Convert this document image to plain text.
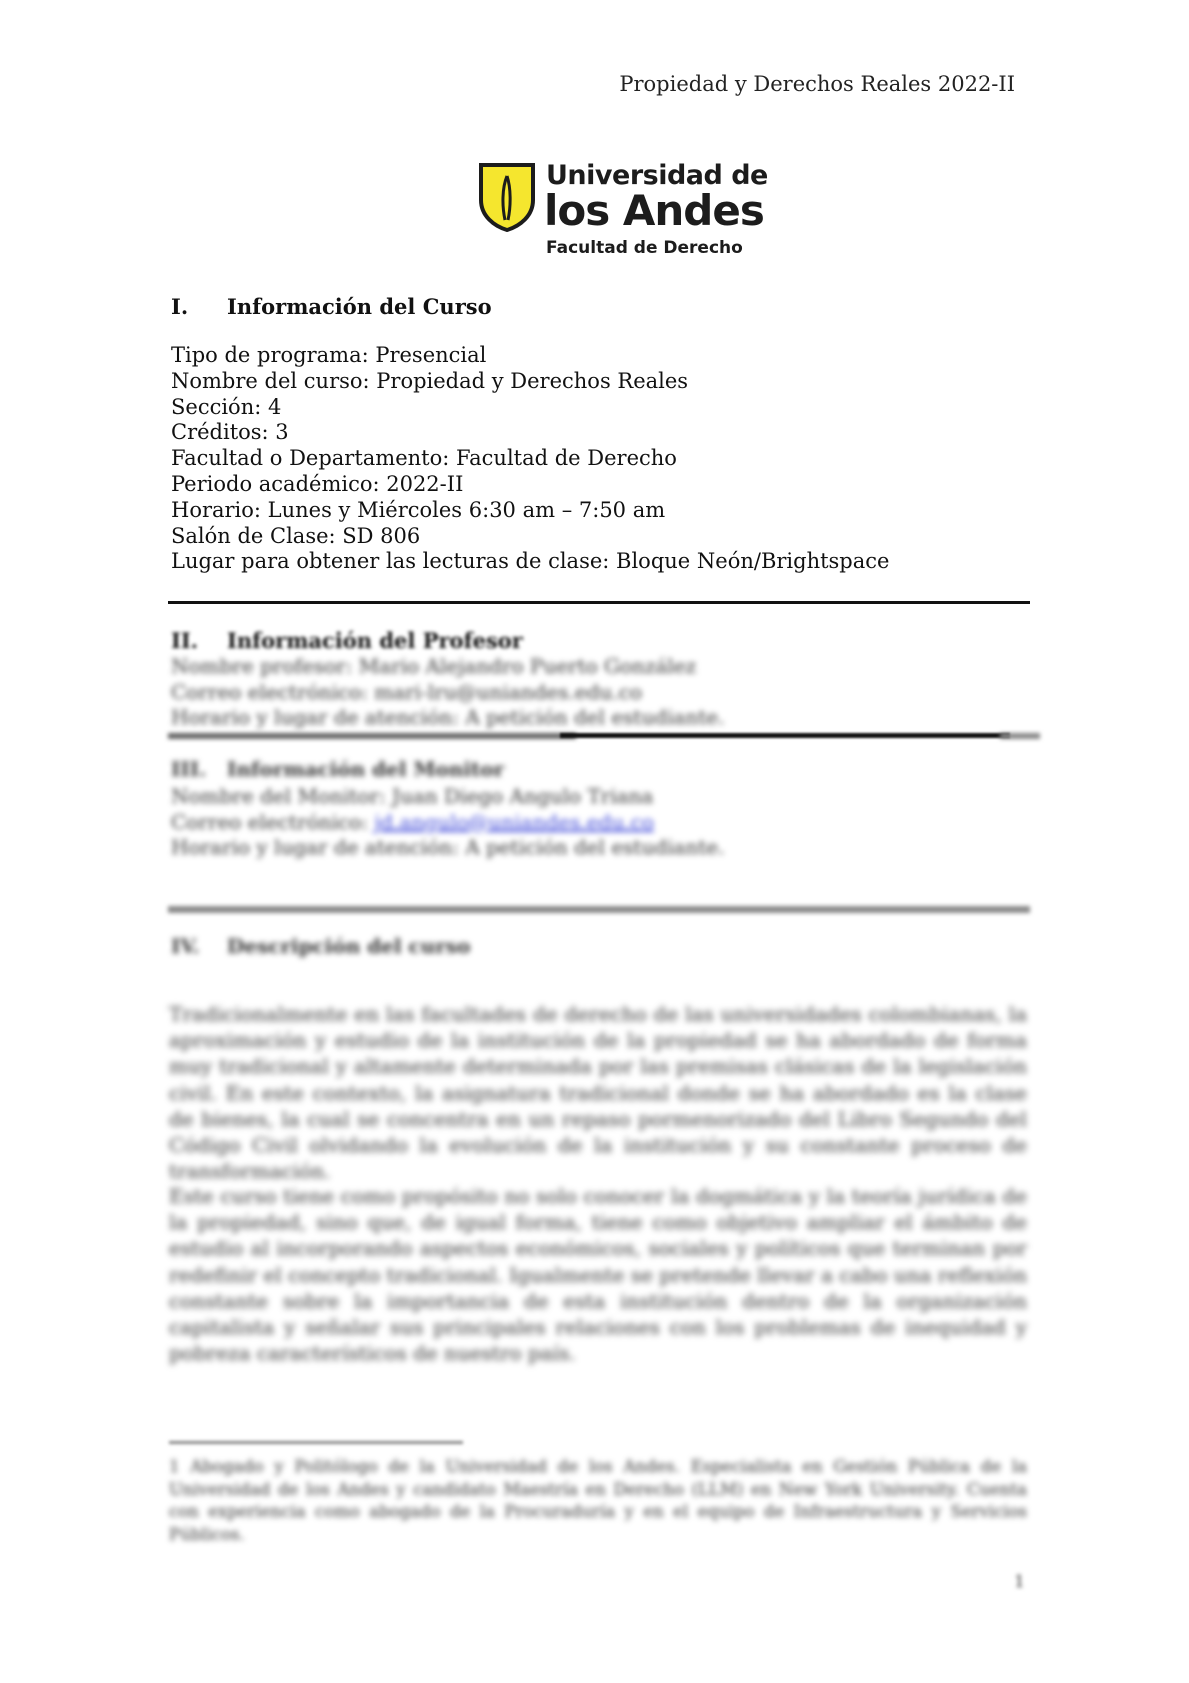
Propiedad y Derechos Reales 2022-II
Universidad de
los Andes
Facultad de Derecho
I. Información del Curso
Tipo de programa: Presencial
Nombre del curso: Propiedad y Derechos Reales
Sección: 4
Créditos: 3
Facultad o Departamento: Facultad de Derecho
Periodo académico: 2022-II
Horario: Lunes y Miércoles 6:30 am – 7:50 am
Salón de Clase: SD 806
Lugar para obtener las lecturas de clase: Bloque Neón/Brightspace
II. Información del Profesor
Nombre profesor: Mario Alejandro Puerto González
Correo electrónico: mari-lru@uniandes.edu.co
Horario y lugar de atención: A petición del estudiante.
III. Información del Monitor
Nombre del Monitor: Juan Diego Angulo Triana
Correo electrónico: jd.angulo@uniandes.edu.co
Horario y lugar de atención: A petición del estudiante.
IV. Descripción del curso
Tradicionalmente en las facultades de derecho de las universidades colombianas, la aproximación y estudio de la institución de la propiedad se ha abordado de forma muy tradicional y altamente determinada por las premisas clásicas de la legislación civil. En este contexto, la asignatura tradicional donde se ha abordado es la clase de bienes, la cual se concentra en un repaso pormenorizado del Libro Segundo del Código Civil olvidando la evolución de la institución y su constante proceso de transformación.
Este curso tiene como propósito no solo conocer la dogmática y la teoría jurídica de la propiedad, sino que, de igual forma, tiene como objetivo ampliar el ámbito de estudio al incorporando aspectos económicos, sociales y políticos que terminan por redefinir el concepto tradicional. Igualmente se pretende llevar a cabo una reflexión constante sobre la importancia de esta institución dentro de la organización capitalista y señalar sus principales relaciones con los problemas de inequidad y pobreza característicos de nuestro país.
1 Abogado y Politólogo de la Universidad de los Andes. Especialista en Gestión Pública de la Universidad de los Andes y candidato Maestría en Derecho (LLM) en New York University. Cuenta con experiencia como abogado de la Procuraduría y en el equipo de Infraestructura y Servicios Públicos.
1
